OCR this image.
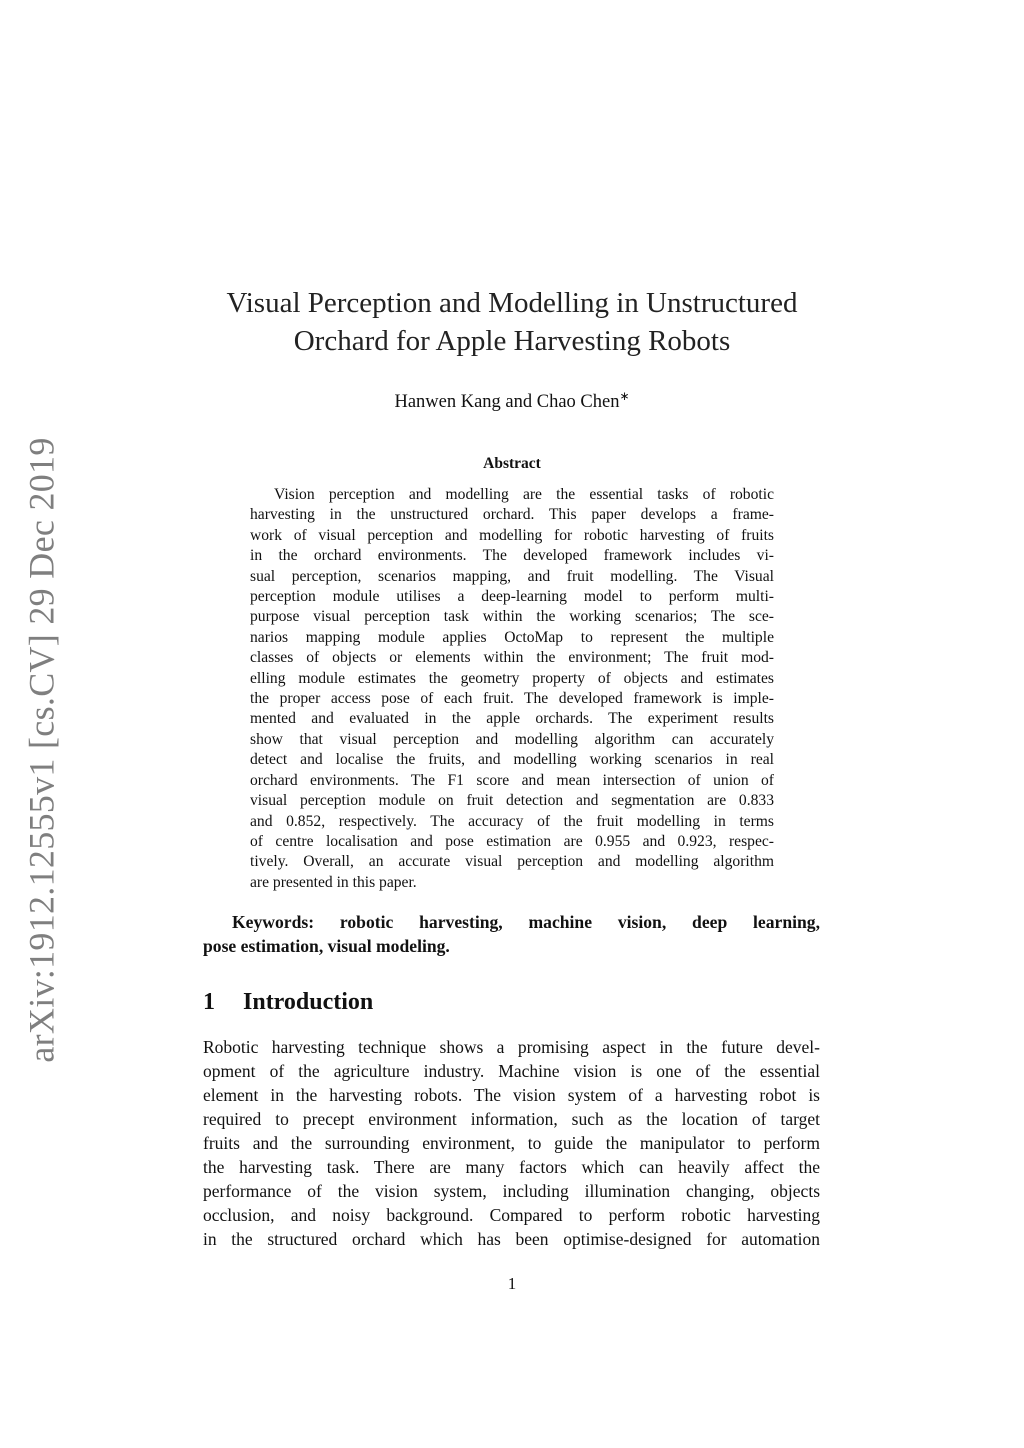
arXiv:1912.12555v1 [cs.CV] 29 Dec 2019
Visual Perception and Modelling in Unstructured
Orchard for Apple Harvesting Robots
Hanwen Kang and Chao Chen∗
Abstract
Vision perception and modelling are the essential tasks of robotic
harvesting in the unstructured orchard. This paper develops a frame-
work of visual perception and modelling for robotic harvesting of fruits
in the orchard environments. The developed framework includes vi-
sual perception, scenarios mapping, and fruit modelling. The Visual
perception module utilises a deep-learning model to perform multi-
purpose visual perception task within the working scenarios; The sce-
narios mapping module applies OctoMap to represent the multiple
classes of objects or elements within the environment; The fruit mod-
elling module estimates the geometry property of objects and estimates
the proper access pose of each fruit. The developed framework is imple-
mented and evaluated in the apple orchards. The experiment results
show that visual perception and modelling algorithm can accurately
detect and localise the fruits, and modelling working scenarios in real
orchard environments. The F1 score and mean intersection of union of
visual perception module on fruit detection and segmentation are 0.833
and 0.852, respectively. The accuracy of the fruit modelling in terms
of centre localisation and pose estimation are 0.955 and 0.923, respec-
tively. Overall, an accurate visual perception and modelling algorithm
are presented in this paper.
Keywords: robotic harvesting, machine vision, deep learning,
pose estimation, visual modeling.
1 Introduction
Robotic harvesting technique shows a promising aspect in the future devel-
opment of the agriculture industry. Machine vision is one of the essential
element in the harvesting robots. The vision system of a harvesting robot is
required to precept environment information, such as the location of target
fruits and the surrounding environment, to guide the manipulator to perform
the harvesting task. There are many factors which can heavily affect the
performance of the vision system, including illumination changing, objects
occlusion, and noisy background. Compared to perform robotic harvesting
in the structured orchard which has been optimise-designed for automation
1
